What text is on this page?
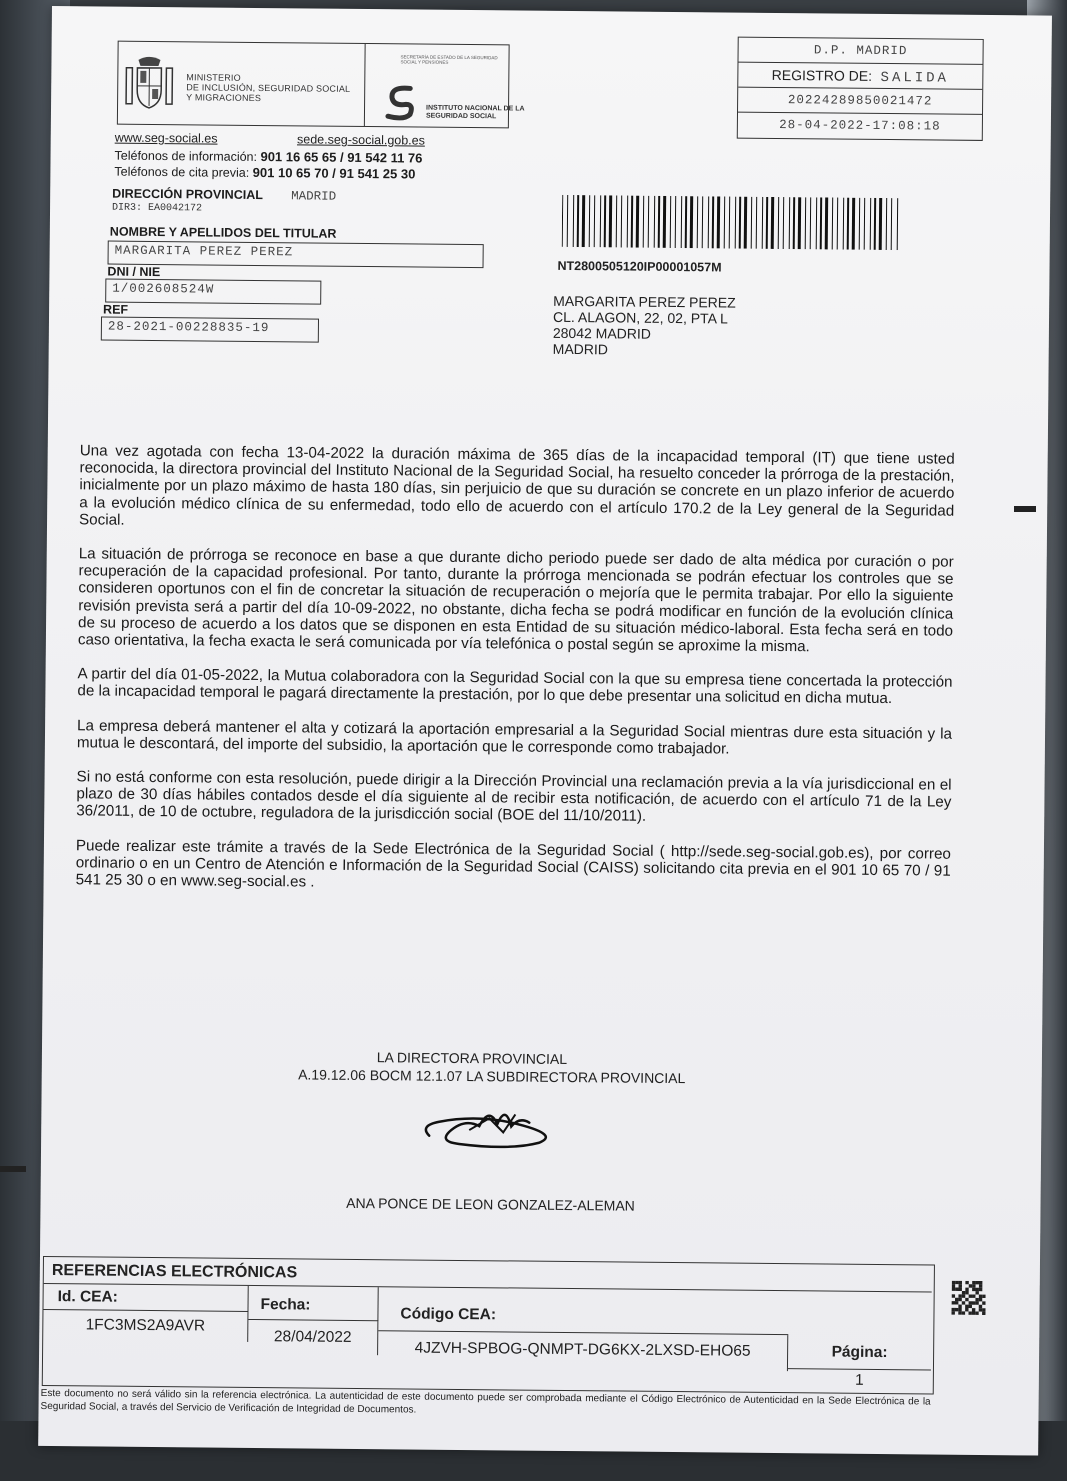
MINISTERIO
DE INCLUSIÓN, SEGURIDAD SOCIAL
Y MIGRACIONES
SECRETARÍA DE ESTADO DE LA SEGURIDAD SOCIAL Y PENSIONES
INSTITUTO NACIONAL DE LA
SEGURIDAD SOCIAL
www.seg-social.es	sede.seg-social.gob.es
Teléfonos de información: 901 16 65 65 / 91 542 11 76
Teléfonos de cita previa: 901 10 65 70 / 91 541 25 30
DIRECCIÓN PROVINCIAL MADRID
DIR3: EA0042172
NOMBRE Y APELLIDOS DEL TITULAR
MARGARITA PEREZ PEREZ
DNI / NIE
1/002608524W
REF
28-2021-00228835-19
D.P. MADRID
REGISTRO DE: SALIDA
20224289850021472
28-04-2022-17:08:18
NT2800505120IP00001057M
MARGARITA PEREZ PEREZ
CL. ALAGON, 22, 02, PTA L
28042 MADRID
MADRID

Una vez agotada con fecha 13-04-2022 la duración máxima de 365 días de la incapacidad temporal (IT) que tiene usted reconocida, la directora provincial del Instituto Nacional de la Seguridad Social, ha resuelto conceder la prórroga de la prestación, inicialmente por un plazo máximo de hasta 180 días, sin perjuicio de que su duración se concrete en un plazo inferior de acuerdo a la evolución médico clínica de su enfermedad, todo ello de acuerdo con el artículo 170.2 de la Ley general de la Seguridad Social.

La situación de prórroga se reconoce en base a que durante dicho periodo puede ser dado de alta médica por curación o por recuperación de la capacidad profesional. Por tanto, durante la prórroga mencionada se podrán efectuar los controles que se consideren oportunos con el fin de concretar la situación de recuperación o mejoría que le permita trabajar. Por ello la siguiente revisión prevista será a partir del día 10-09-2022, no obstante, dicha fecha se podrá modificar en función de la evolución clínica de su proceso de acuerdo a los datos que se disponen en esta Entidad de su situación médico-laboral. Esta fecha será en todo caso orientativa, la fecha exacta le será comunicada por vía telefónica o postal según se aproxime la misma.

A partir del día 01-05-2022, la Mutua colaboradora con la Seguridad Social con la que su empresa tiene concertada la protección de la incapacidad temporal le pagará directamente la prestación, por lo que debe presentar una solicitud en dicha mutua.

La empresa deberá mantener el alta y cotizará la aportación empresarial a la Seguridad Social mientras dure esta situación y la mutua le descontará, del importe del subsidio, la aportación que le corresponde como trabajador.

Si no está conforme con esta resolución, puede dirigir a la Dirección Provincial una reclamación previa a la vía jurisdiccional en el plazo de 30 días hábiles contados desde el día siguiente al de recibir esta notificación, de acuerdo con el artículo 71 de la Ley 36/2011, de 10 de octubre, reguladora de la jurisdicción social (BOE del 11/10/2011).

Puede realizar este trámite a través de la Sede Electrónica de la Seguridad Social ( http://sede.seg-social.gob.es), por correo ordinario o en un Centro de Atención e Información de la Seguridad Social (CAISS) solicitando cita previa en el 901 10 65 70 / 91 541 25 30 o en www.seg-social.es .

LA DIRECTORA PROVINCIAL
A.19.12.06 BOCM 12.1.07 LA SUBDIRECTORA PROVINCIAL
ANA PONCE DE LEON GONZALEZ-ALEMAN
REFERENCIAS ELECTRÓNICAS
Id. CEA:
1FC3MS2A9AVR
Fecha:
28/04/2022
Código CEA:
4JZVH-SPBOG-QNMPT-DG6KX-2LXSD-EHO65	Página:
1
Este documento no será válido sin la referencia electrónica. La autenticidad de este documento puede ser comprobada mediante el Código Electrónico de Autenticidad en la Sede Electrónica de la Seguridad Social, a través del Servicio de Verificación de Integridad de Documentos.
